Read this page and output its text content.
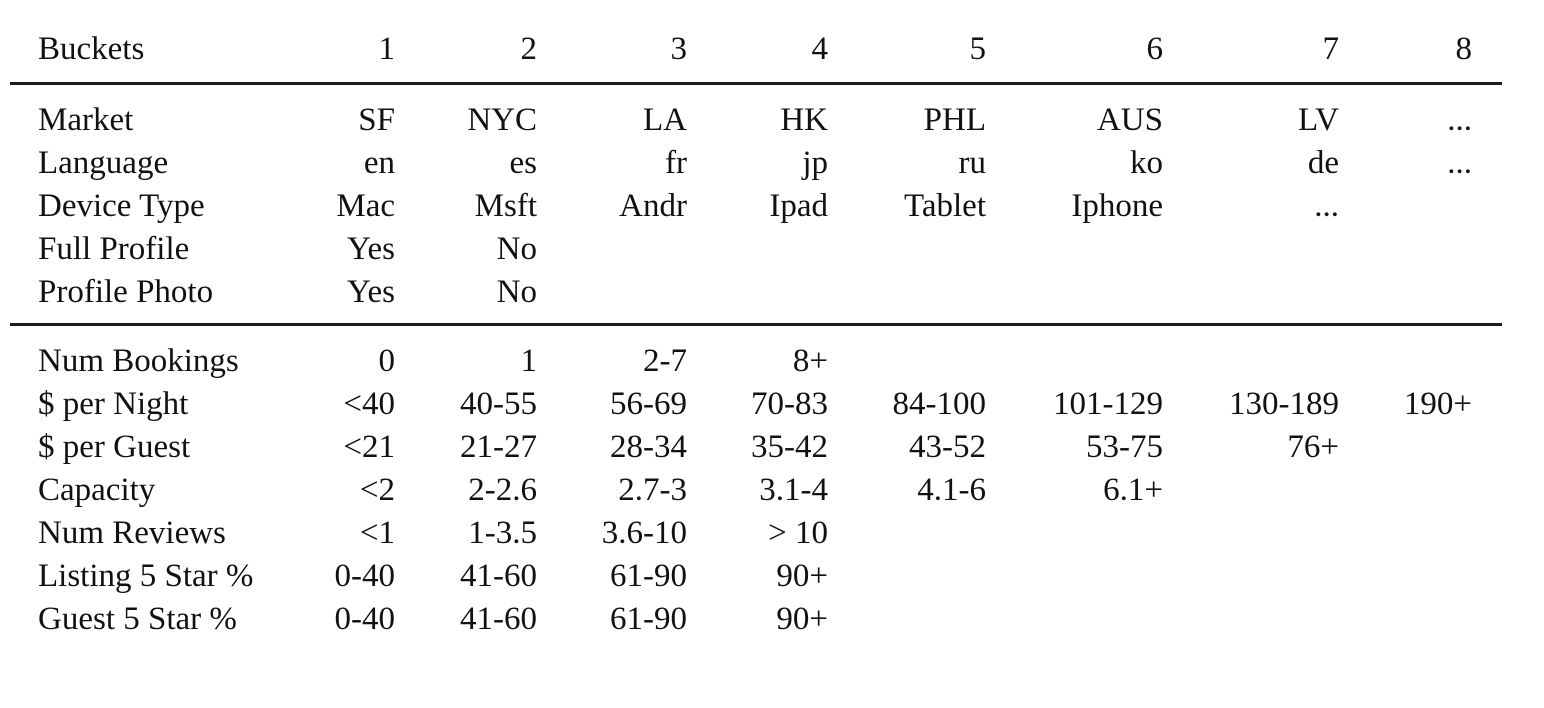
Buckets	1	2	3	4	5	6	7	8
Market	SF	NYC	LA	HK	PHL	AUS	LV	...
Language	en	es	fr	jp	ru	ko	de	...
Device Type	Mac	Msft	Andr	Ipad	Tablet	Iphone	...
Full Profile	Yes	No
Profile Photo	Yes	No
Num Bookings	0	1	2-7	8+
$ per Night	<40	40-55	56-69	70-83	84-100	101-129	130-189	190+
$ per Guest	<21	21-27	28-34	35-42	43-52	53-75	76+
Capacity	<2	2-2.6	2.7-3	3.1-4	4.1-6	6.1+
Num Reviews	<1	1-3.5	3.6-10	> 10
Listing 5 Star %	0-40	41-60	61-90	90+
Guest 5 Star %	0-40	41-60	61-90	90+
